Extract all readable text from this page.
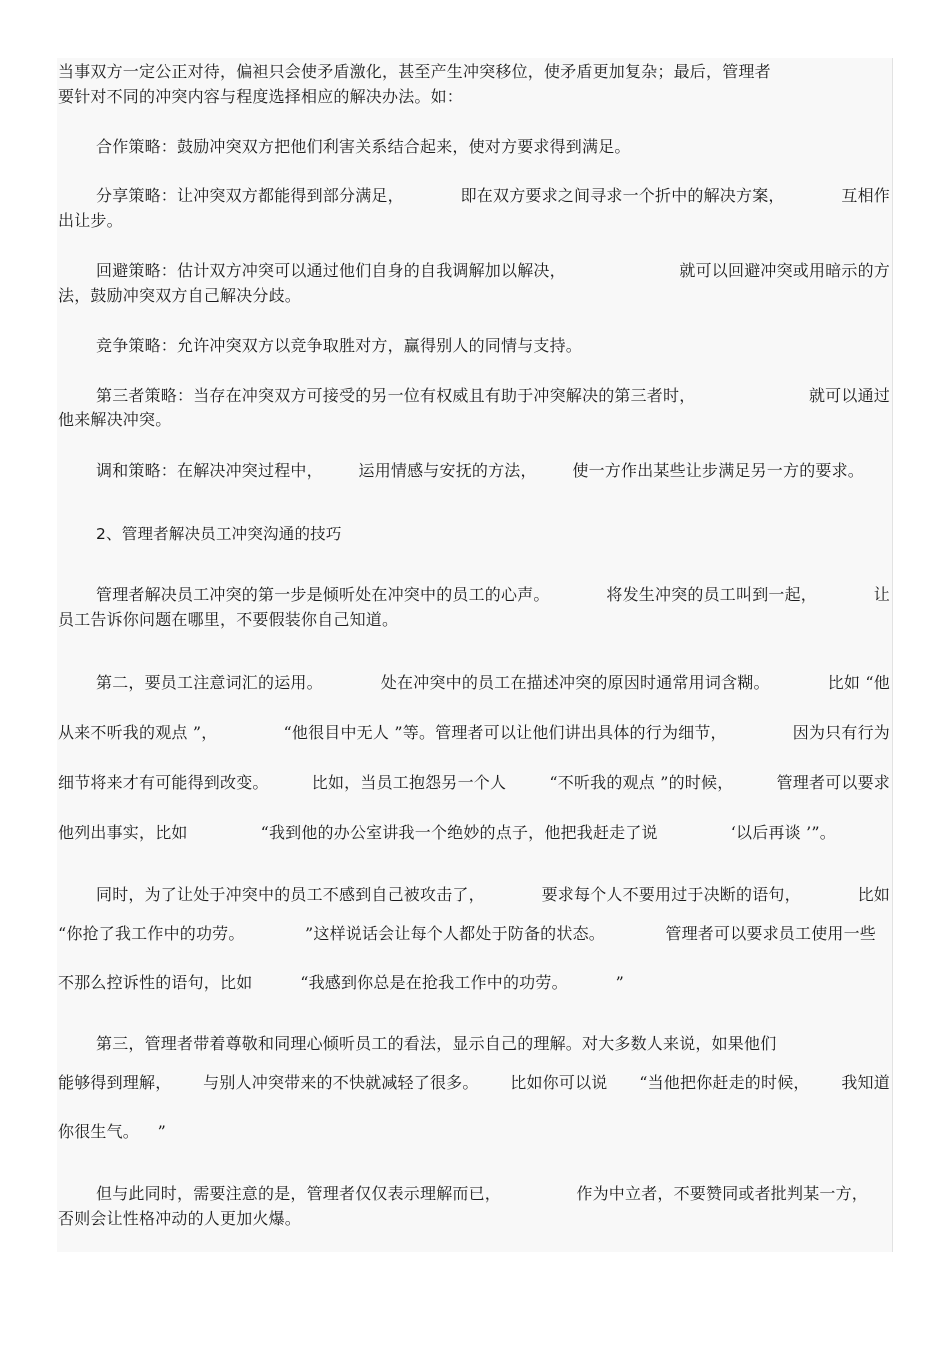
当事双方一定公正对待，偏袒只会使矛盾激化，甚至产生冲突移位，使矛盾更加复杂；最后，管理者
要针对不同的冲突内容与程度选择相应的解决办法。如：
合作策略：鼓励冲突双方把他们利害关系结合起来，使对方要求得到满足。
分享策略：让冲突双方都能得到部分满足，	即在双方要求之间寻求一个折中的解决方案，	互相作
出让步。
回避策略：估计双方冲突可以通过他们自身的自我调解加以解决，	就可以回避冲突或用暗示的方
法，鼓励冲突双方自己解决分歧。
竞争策略：允许冲突双方以竞争取胜对方，赢得别人的同情与支持。
第三者策略：当存在冲突双方可接受的另一位有权威且有助于冲突解决的第三者时，	就可以通过
他来解决冲突。
调和策略：在解决冲突过程中， 运用情感与安抚的方法， 使一方作出某些让步满足另一方的要求。
2、管理者解决员工冲突沟通的技巧
管理者解决员工冲突的第一步是倾听处在冲突中的员工的心声。	将发生冲突的员工叫到一起，	让
员工告诉你问题在哪里，不要假装你自己知道。
第二，要员工注意词汇的运用。	处在冲突中的员工在描述冲突的原因时通常用词含糊。	比如 “他
从来不听我的观点 ”，	“他很目中无人 ”等。管理者可以让他们讲出具体的行为细节，	因为只有行为
细节将来才有可能得到改变。	比如，当员工抱怨另一个人	“不听我的观点 ”的时候，	管理者可以要求
他列出事实，比如	“我到他的办公室讲我一个绝妙的点子，他把我赶走了说	‘以后再谈 ’”。
同时，为了让处于冲突中的员工不感到自己被攻击了，	要求每个人不要用过于决断的语句，	比如
“你抢了我工作中的功劳。	”这样说话会让每个人都处于防备的状态。	管理者可以要求员工使用一些
不那么控诉性的语句，比如	“我感到你总是在抢我工作中的功劳。	”
第三，管理者带着尊敬和同理心倾听员工的看法，显示自己的理解。对大多数人来说，如果他们
能够得到理解， 与别人冲突带来的不快就减轻了很多。 比如你可以说 “当他把你赶走的时候， 我知道
你很生气。 ”
但与此同时，需要注意的是，管理者仅仅表示理解而已，	作为中立者，不要赞同或者批判某一方，
否则会让性格冲动的人更加火爆。
